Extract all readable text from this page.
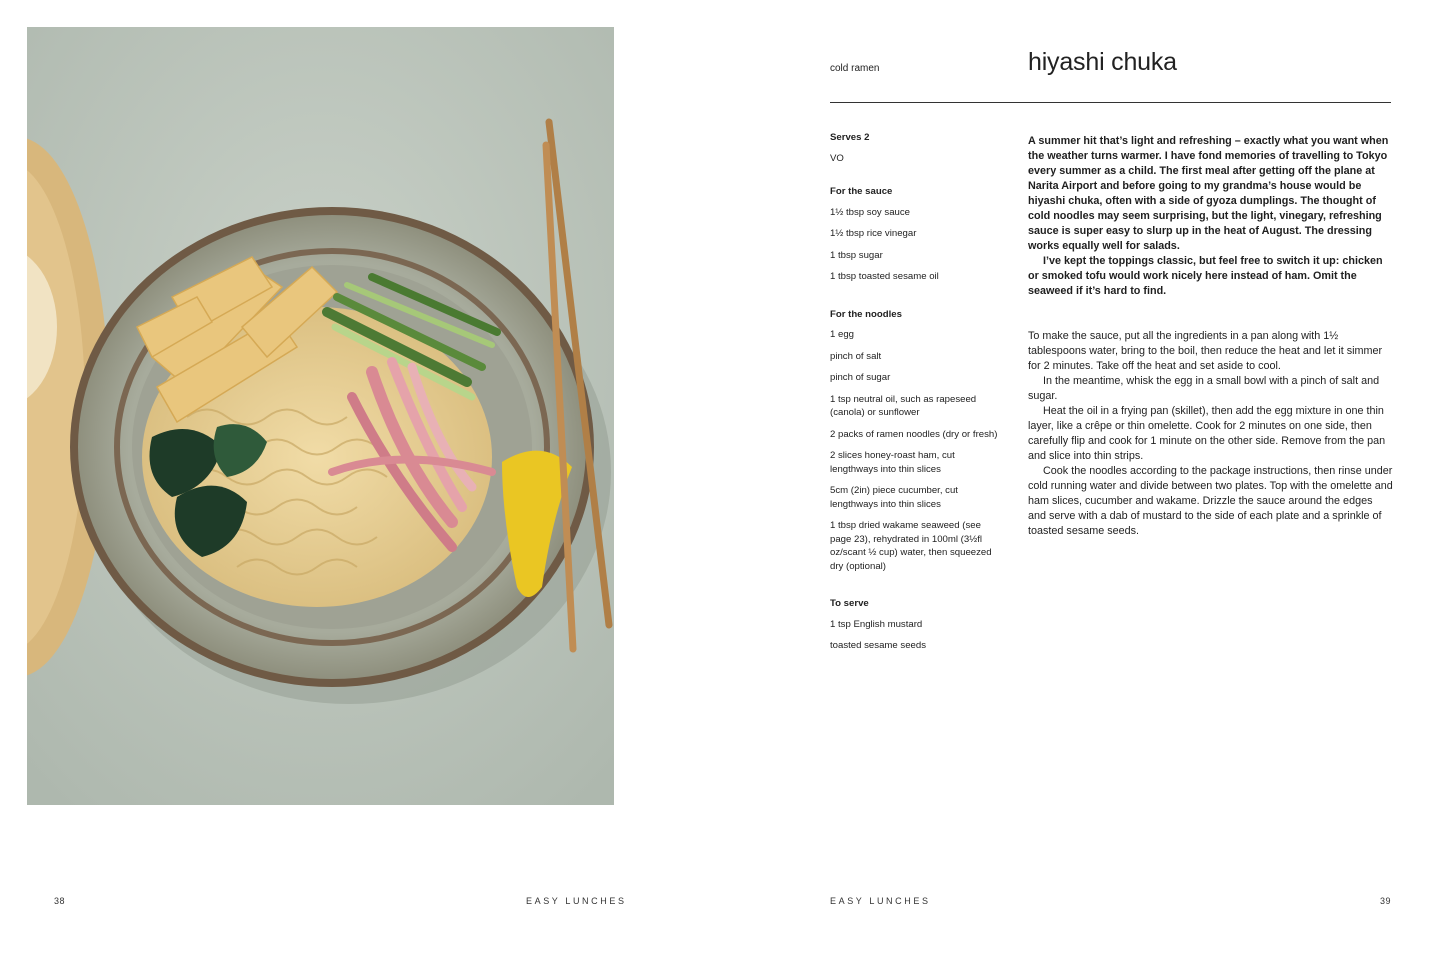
38	EASY LUNCHES	EASY LUNCHES	39
cold ramen	hiyashi chuka
Serves 2
VO
For the sauce
1½ tbsp soy sauce
1½ tbsp rice vinegar
1 tbsp sugar
1 tbsp toasted sesame oil
For the noodles
1 egg
pinch of salt
pinch of sugar
1 tsp neutral oil, such as rapeseed (canola) or sunflower
2 packs of ramen noodles (dry or fresh)
2 slices honey-roast ham, cut lengthways into thin slices
5cm (2in) piece cucumber, cut lengthways into thin slices
1 tbsp dried wakame seaweed (see page 23), rehydrated in 100ml (3½fl oz/scant ½ cup) water, then squeezed dry (optional)
To serve
1 tsp English mustard
toasted sesame seeds

A summer hit that’s light and refreshing – exactly what you want when the weather turns warmer. I have fond memories of travelling to Tokyo every summer as a child. The first meal after getting off the plane at Narita Airport and before going to my grandma’s house would be hiyashi chuka, often with a side of gyoza dumplings. The thought of cold noodles may seem surprising, but the light, vinegary, refreshing sauce is super easy to slurp up in the heat of August. The dressing works equally well for salads.

I’ve kept the toppings classic, but feel free to switch it up: chicken or smoked tofu would work nicely here instead of ham. Omit the seaweed if it’s hard to find.

To make the sauce, put all the ingredients in a pan along with 1½ tablespoons water, bring to the boil, then reduce the heat and let it simmer for 2 minutes. Take off the heat and set aside to cool.

In the meantime, whisk the egg in a small bowl with a pinch of salt and sugar.

Heat the oil in a frying pan (skillet), then add the egg mixture in one thin layer, like a crêpe or thin omelette. Cook for 2 minutes on one side, then carefully flip and cook for 1 minute on the other side. Remove from the pan and slice into thin strips.

Cook the noodles according to the package instructions, then rinse under cold running water and divide between two plates. Top with the omelette and ham slices, cucumber and wakame. Drizzle the sauce around the edges and serve with a dab of mustard to the side of each plate and a sprinkle of toasted sesame seeds.
